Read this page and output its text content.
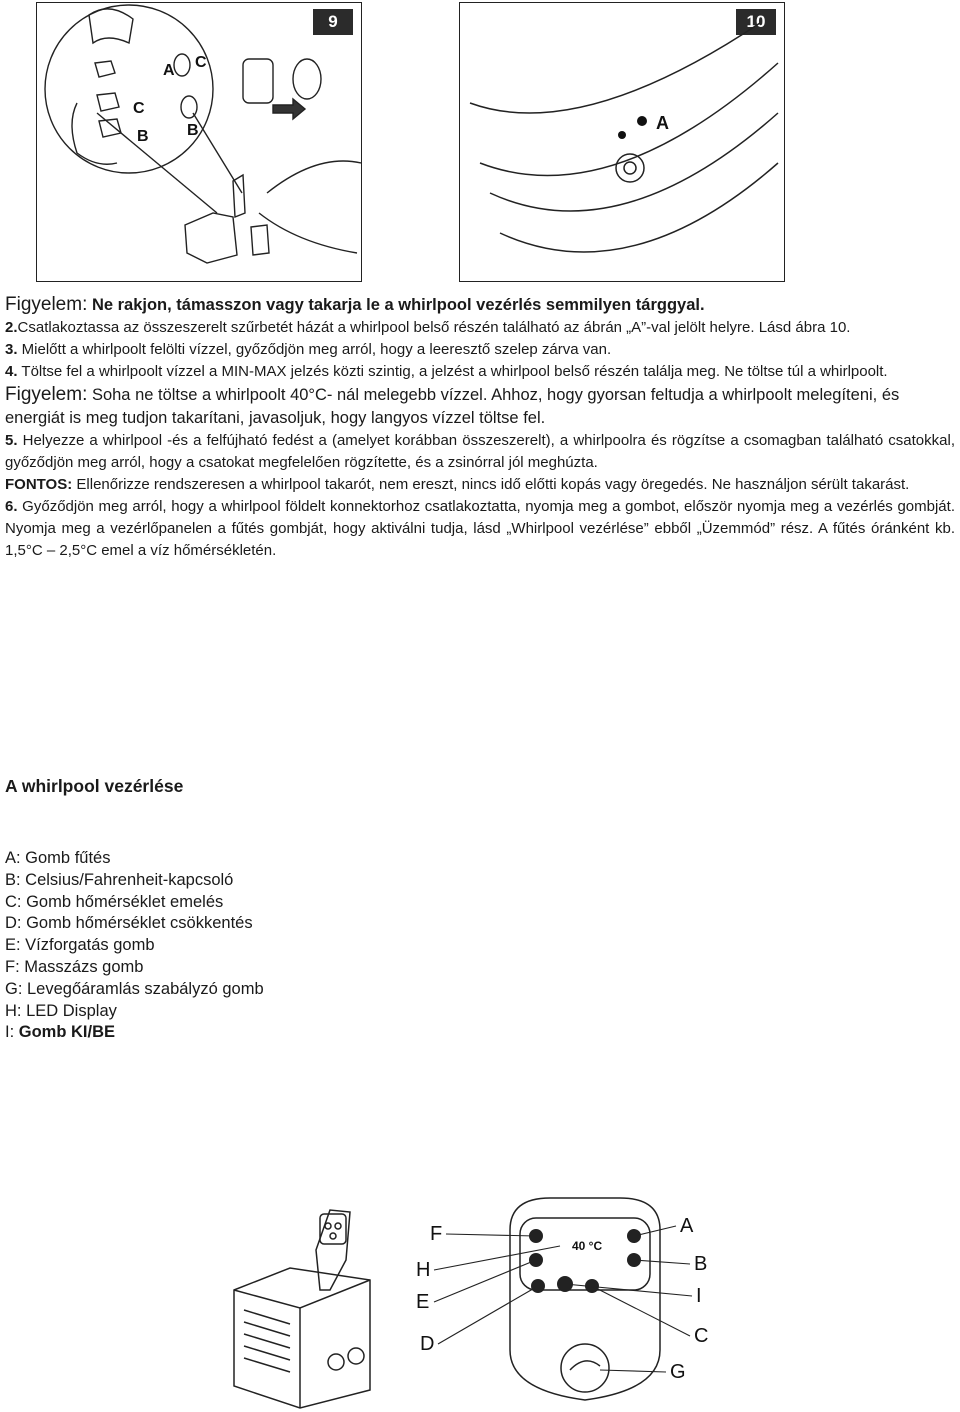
9
A C
C
B B
10
A

Figyelem: Ne rakjon, támasszon vagy takarja le a whirlpool vezérlés semmilyen tárggyal.

2.Csatlakoztassa az összeszerelt szűrbetét házát a whirlpool belső részén található az ábrán „A”-val jelölt helyre. Lásd ábra 10.

3. Mielőtt a whirlpoolt felölti vízzel, győződjön meg arról, hogy a leeresztő szelep zárva van.

4. Töltse fel a whirlpoolt vízzel a MIN-MAX jelzés közti szintig, a jelzést a whirlpool belső részén találja meg. Ne töltse túl a whirlpoolt.

Figyelem: Soha ne töltse a whirlpoolt 40°C- nál melegebb vízzel. Ahhoz, hogy gyorsan feltudja a whirlpoolt melegíteni, és energiát is meg tudjon takarítani, javasoljuk, hogy langyos vízzel töltse fel.

5. Helyezze a whirlpool -és a felfújható fedést a (amelyet korábban összeszerelt), a whirlpoolra és rögzítse a csomagban található csatokkal, győződjön meg arról, hogy a csatokat megfelelően rögzítette, és a zsinórral jól meghúzta.

FONTOS: Ellenőrizze rendszeresen a whirlpool takarót, nem ereszt, nincs idő előtti kopás vagy öregedés. Ne használjon sérült takarást.

6. Győződjön meg arról, hogy a whirlpool földelt konnektorhoz csatlakoztatta, nyomja meg a gombot, először nyomja meg a vezérlés gombját. Nyomja meg a vezérlőpanelen a fűtés gombját, hogy aktiválni tudja, lásd „Whirlpool vezérlése” ebből „Üzemmód” rész. A fűtés óránként kb. 1,5°C – 2,5°C emel a víz hőmérsékletén.

A whirlpool vezérlése
A: Gomb fűtés
B: Celsius/Fahrenheit-kapcsoló
C: Gomb hőmérséklet emelés
D: Gomb hőmérséklet csökkentés
E: Vízforgatás gomb
F: Masszázs gomb
G: Levegőáramlás szabályzó gomb
H: LED Display
I: Gomb KI/BE
40 °C
F
H
E
D
A
B
I
C
G
